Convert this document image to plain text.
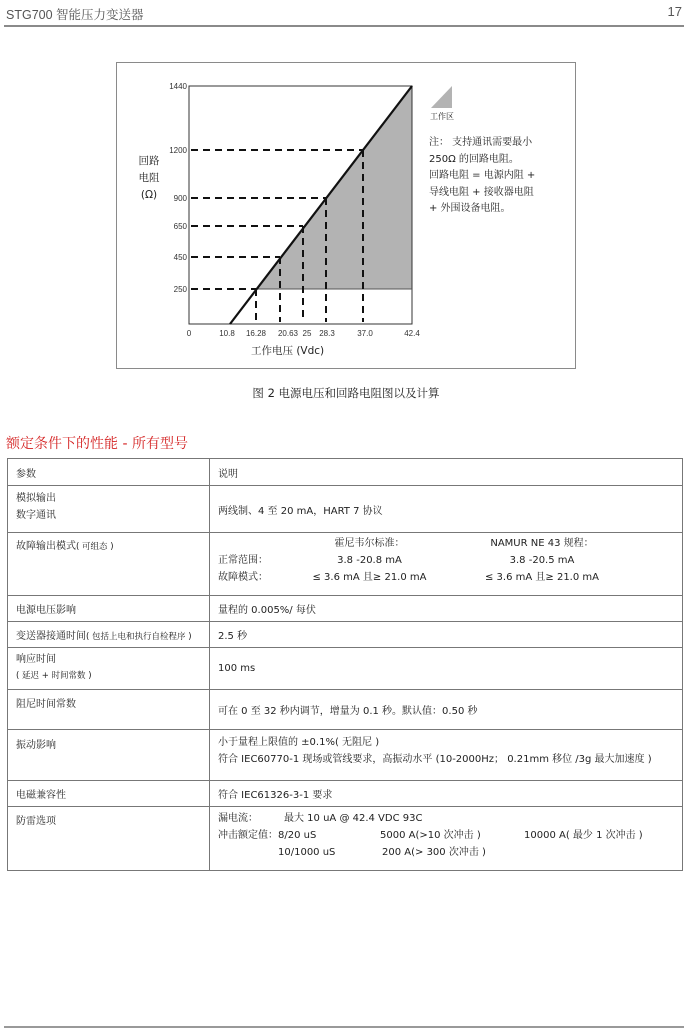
STG700 智能压力变送器	17
1440
1200
900
650
450
250
0	10.8 16.28 20.63 25 28.3	37.0	42.4
回路
电阻
(Ω)
工作电压 (Vdc)
工作区
注： 支持通讯需要最小
250Ω 的回路电阻。
回路电阻 = 电源内阻 +
导线电阻 + 接收器电阻
+ 外围设备电阻。
图 2 电源电压和回路电阻图以及计算
额定条件下的性能 - 所有型号
参数	说明

模拟输出
数字通讯	两线制、4 至 20 mA，HART 7 协议
故障输出模式( 可组态 )	霍尼韦尔标准：	NAMUR NE 43 规程：
正常范围：	3.8 -20.8 mA	3.8 -20.5 mA
故障模式：	≤ 3.6 mA 且≥ 21.0 mA	≤ 3.6 mA 且≥ 21.0 mA

电源电压影响	量程的 0.005%/ 每伏
变送器接通时间( 包括上电和执行自检程序 )	2.5 秒

响应时间
( 延迟 + 时间常数 )	100 ms
阻尼时间常数	可在 0 至 32 秒内调节，增量为 0.1 秒。默认值：0.50 秒
振动影响	小于量程上限值的 ±0.1%( 无阻尼 )
符合 IEC60770-1 现场或管线要求，高振动水平 (10-2000Hz； 0.21mm 移位 /3g 最大加速度 )

电磁兼容性	符合 IEC61326-3-1 要求
防雷选项	漏电流：	最大 10 uA @ 42.4 VDC 93C
冲击额定值： 8/20 uS	5000 A(>10 次冲击 )	10000 A( 最少 1 次冲击 )
10/1000 uS	200 A(> 300 次冲击 )
